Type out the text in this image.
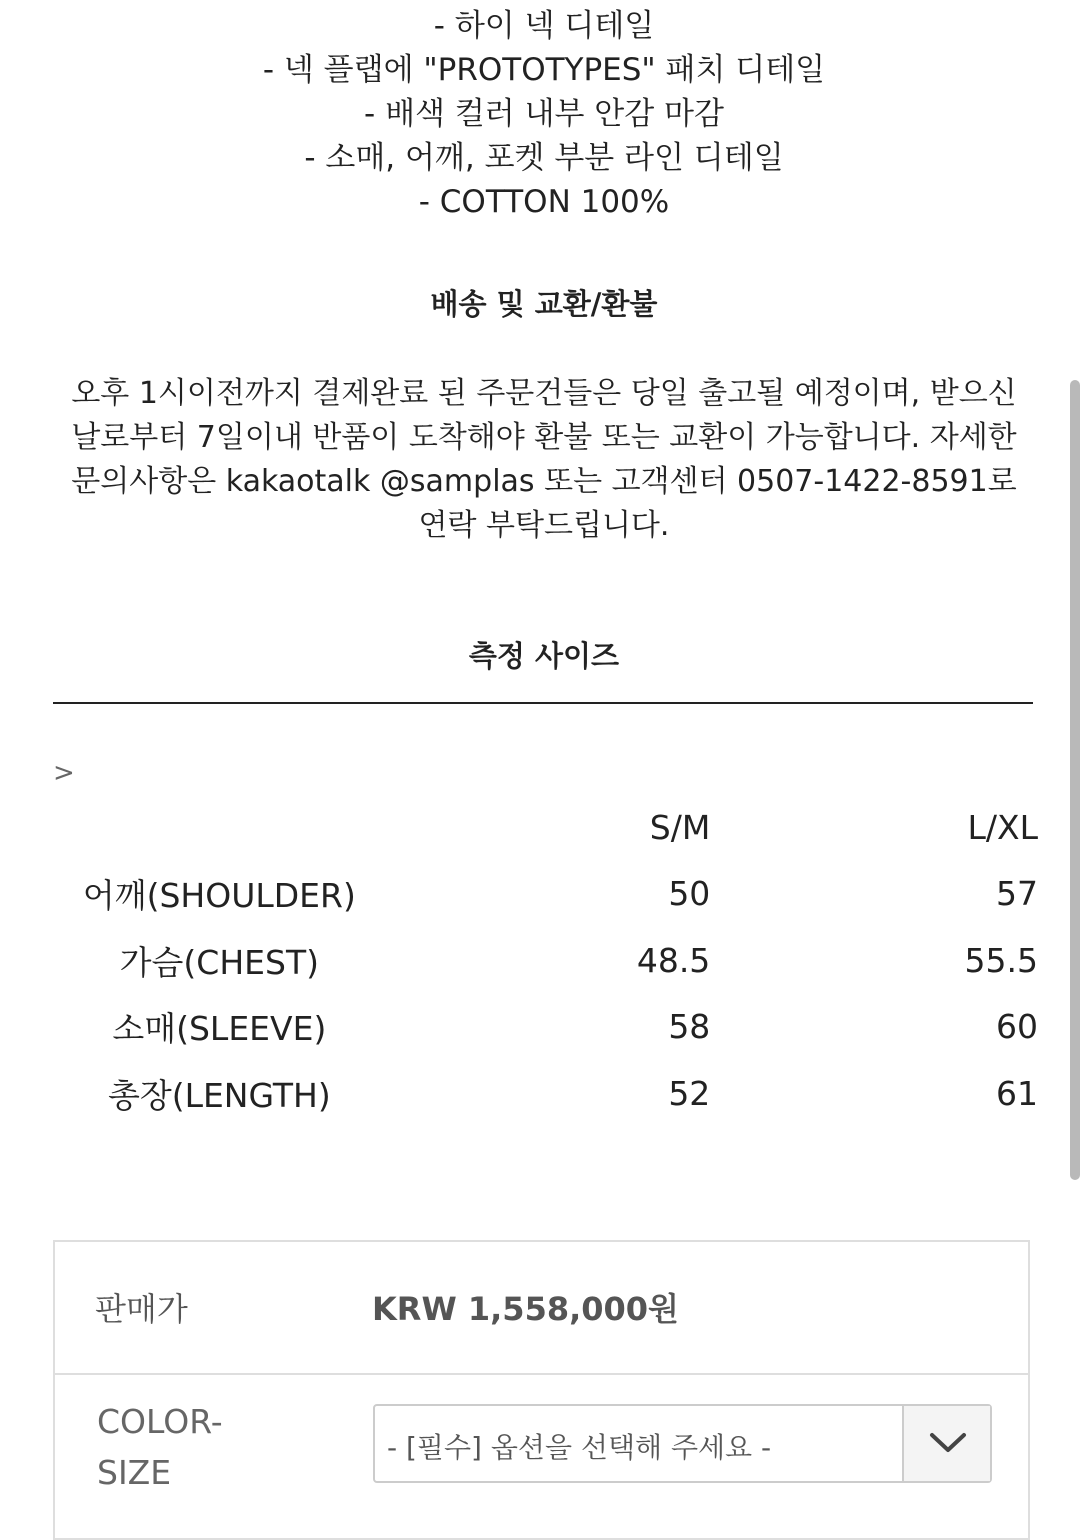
- 하이 넥 디테일
- 넥 플랩에 "PROTOTYPES" 패치 디테일
- 배색 컬러 내부 안감 마감
- 소매, 어깨, 포켓 부분 라인 디테일
- COTTON 100%
배송 및 교환/환불

오후 1시이전까지 결제완료 된 주문건들은 당일 출고될 예정이며, 받으신 날로부터 7일이내 반품이 도착해야 환불 또는 교환이 가능합니다. 자세한 문의사항은 kakaotalk @samplas 또는 고객센터 0507-1422-8591로 연락 부탁드립니다.

측정 사이즈
>
	S/M	L/XL
어깨(SHOULDER)	50	57
가슴(CHEST)	48.5	55.5
소매(SLEEVE)	58	60
총장(LENGTH)	52	61
판매가	KRW 1,558,000원
COLOR-
SIZE
- [필수] 옵션을 선택해 주세요 -
